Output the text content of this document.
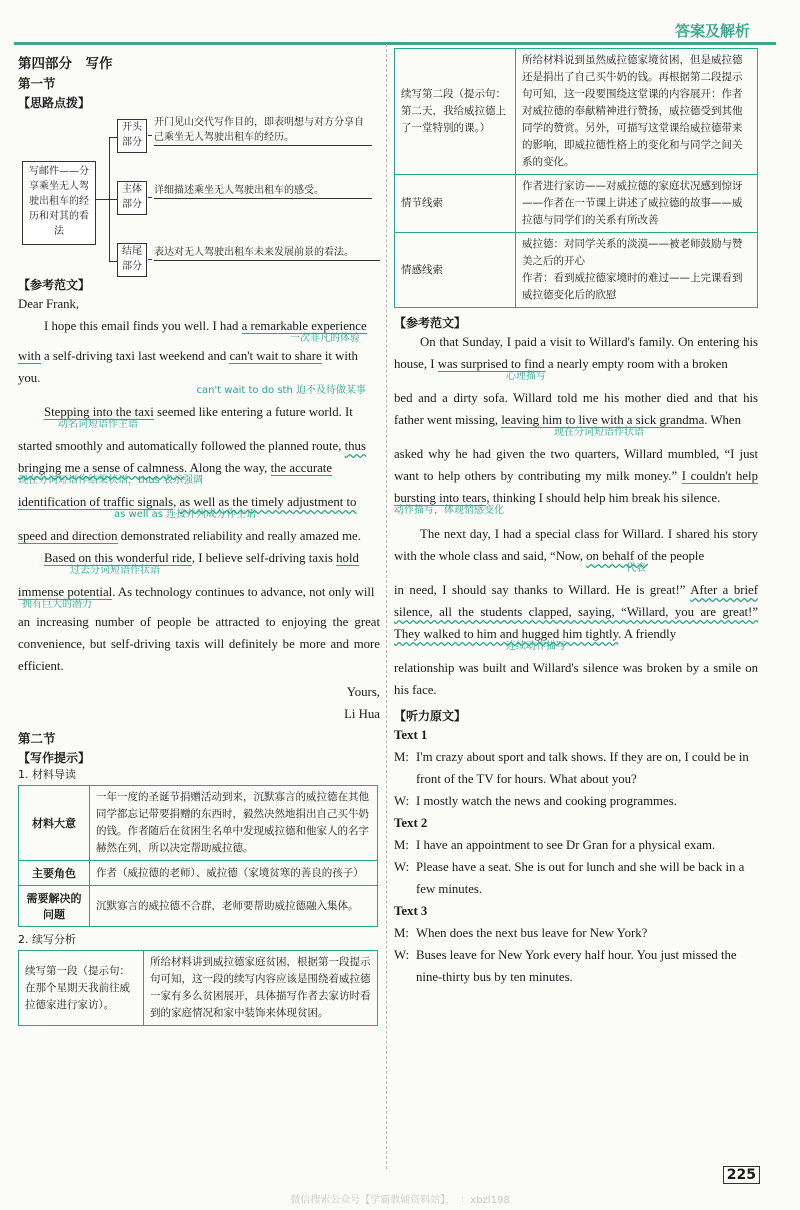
答案及解析
第四部分　写作
第一节
【思路点拨】
写邮件——分享乘坐无人驾驶出租车的经历和对其的看法
开头部分
主体部分
结尾部分
开门见山交代写作目的，即表明想与对方分享自己乘坐无人驾驶出租车的经历。
详细描述乘坐无人驾驶出租车的感受。
表达对无人驾驶出租车未来发展前景的看法。
【参考范文】
Dear Frank,
I hope this email finds you well. I had a remarkable experience
一次非凡的体验
with a self-driving taxi last weekend and can't wait to share it with you.
can't wait to do sth 迫不及待做某事
Stepping into the taxi seemed like entering a future world. It
动名词短语作主语
started smoothly and automatically followed the planned route, thus
bringing me a sense of calmness. Along the way, the accurate
现在分词短语作结果状语，thus 表示强调
identification of traffic signals, as well as the timely adjustment to
as well as 连接并列成分作主语
speed and direction demonstrated reliability and really amazed me.
Based on this wonderful ride, I believe self-driving taxis hold
过去分词短语作状语
immense potential. As technology continues to advance, not only will
拥有巨大的潜力
an increasing number of people be attracted to enjoying the great convenience, but self-driving taxis will definitely be more and more efficient.
Yours,
Li Hua
第二节
【写作提示】
1. 材料导读
材料大意	一年一度的圣诞节捐赠活动到来，沉默寡言的威拉德在其他同学都忘记带要捐赠的东西时，毅然决然地捐出自己买牛奶的钱。作者随后在贫困生名单中发现威拉德和他家人的名字赫然在列，所以决定帮助威拉德。
主要角色	作者（威拉德的老师）、威拉德（家境贫寒的善良的孩子）
需要解决的问题	沉默寡言的威拉德不合群，老师要帮助威拉德融入集体。
2. 续写分析
续写第一段（提示句：在那个星期天我前往威拉德家进行家访）。	所给材料讲到威拉德家庭贫困，根据第一段提示句可知，这一段的续写内容应该是围绕着威拉德一家有多么贫困展开，具体描写作者去家访时看到的家庭情况和家中装饰来体现贫困。
续写第二段（提示句：第二天，我给威拉德上了一堂特别的课。）	所给材料说到虽然威拉德家境贫困，但是威拉德还是捐出了自己买牛奶的钱。再根据第二段提示句可知，这一段要围绕这堂课的内容展开：作者对威拉德的奉献精神进行赞扬，威拉德受到其他同学的赞赏。另外，可描写这堂课给威拉德带来的影响，即威拉德性格上的变化和与同学之间关系的变化。
情节线索	作者进行家访——对威拉德的家庭状况感到惊讶——作者在一节课上讲述了威拉德的故事——威拉德与同学们的关系有所改善
情感线索	威拉德：对同学关系的淡漠——被老师鼓励与赞美之后的开心
作者：看到威拉德家境时的难过——上完课看到威拉德变化后的欣慰
【参考范文】
On that Sunday, I paid a visit to Willard's family. On entering his house, I was surprised to find a nearly empty room with a broken
心理描写
bed and a dirty sofa. Willard told me his mother died and that his father went missing, leaving him to live with a sick grandma. When
现在分词短语作状语
asked why he had given the two quarters, Willard mumbled, “I just want to help others by contributing my milk money.” I couldn't help bursting into tears, thinking I should help him break his silence.
动作描写，体现情感变化
The next day, I had a special class for Willard. I shared his story with the whole class and said, “Now, on behalf of the people
代表
in need, I should say thanks to Willard. He is great!” After a brief silence, all the students clapped, saying, “Willard, you are great!” They walked to him and hugged him tightly. A friendly
连续动作描写
relationship was built and Willard's silence was broken by a smile on his face.
【听力原文】
Text 1
M: I'm crazy about sport and talk shows. If they are on, I could be in front of the TV for hours. What about you?
W: I mostly watch the news and cooking programmes.
Text 2
M: I have an appointment to see Dr Gran for a physical exam.
W: Please have a seat. She is out for lunch and she will be back in a few minutes.
Text 3
M: When does the next bus leave for New York?
W: Buses leave for New York every half hour. You just missed the nine-thirty bus by ten minutes.
225
微信搜索公众号【学霸教辅资料站】，　：xbzl198
